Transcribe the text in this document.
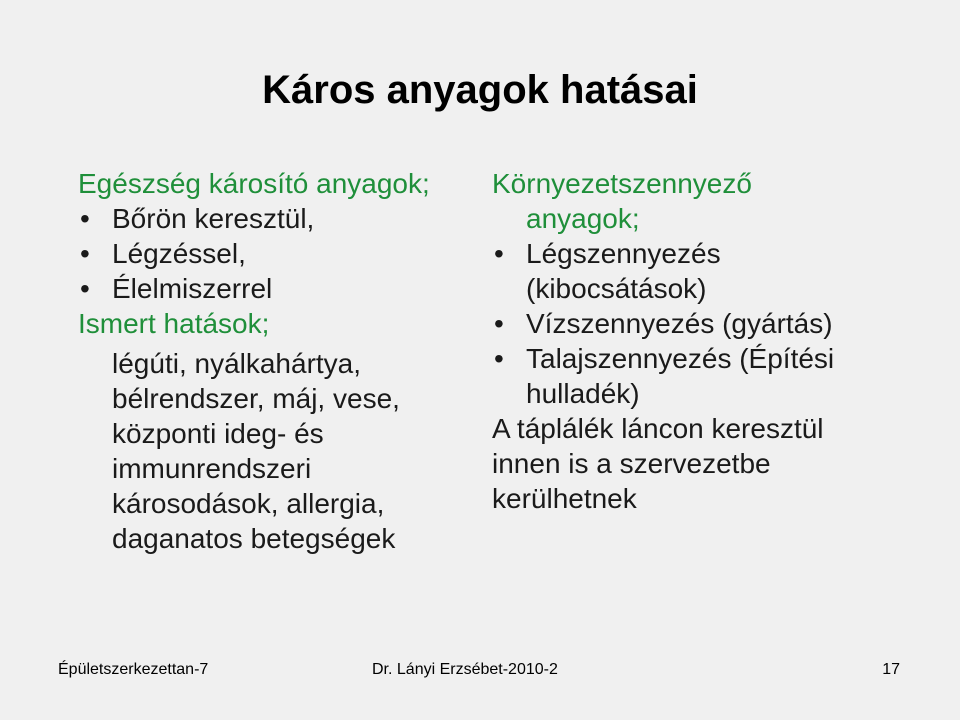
Káros anyagok hatásai
Egészség károsító anyagok;
• Bőrön keresztül,
• Légzéssel,
• Élelmiszerrel
Ismert hatások;
légúti, nyálkahártya,
bélrendszer, máj, vese,
központi ideg- és
immunrendszeri
károsodások, allergia,
daganatos betegségek
Környezetszennyező
anyagok;
• Légszennyezés
(kibocsátások)
• Vízszennyezés (gyártás)
• Talajszennyezés (Építési
hulladék)
A táplálék láncon keresztül
innen is a szervezetbe
kerülhetnek
Épületszerkezettan-7	Dr. Lányi Erzsébet-2010-2	17
